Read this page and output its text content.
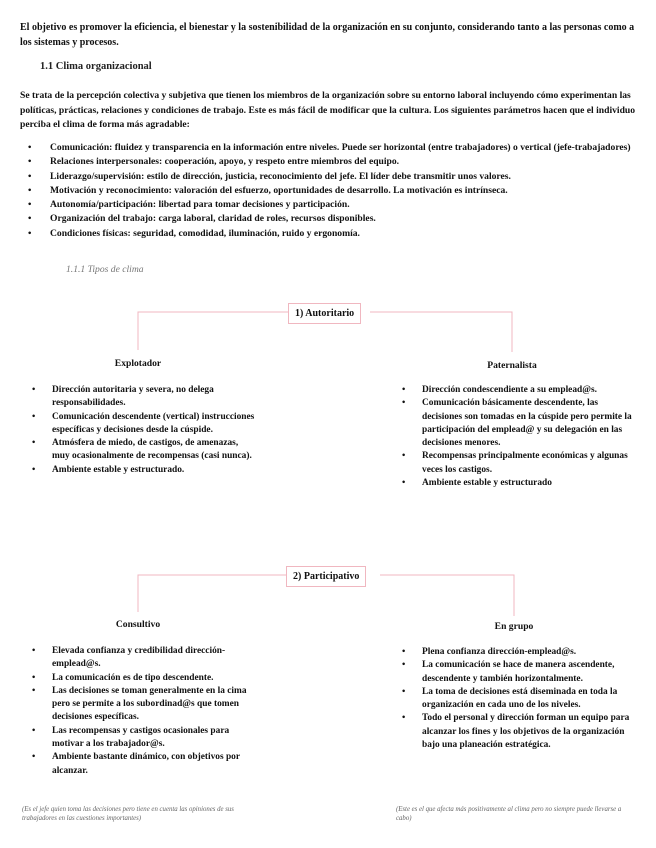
El objetivo es promover la eficiencia, el bienestar y la sostenibilidad de la organización en su conjunto, considerando tanto a las personas como a los sistemas y procesos.
1.1 Clima organizacional
Se trata de la percepción colectiva y subjetiva que tienen los miembros de la organización sobre su entorno laboral incluyendo cómo experimentan las políticas, prácticas, relaciones y condiciones de trabajo. Este es más fácil de modificar que la cultura. Los siguientes parámetros hacen que el individuo perciba el clima de forma más agradable:
• Comunicación: fluidez y transparencia en la información entre niveles. Puede ser horizontal (entre trabajadores) o vertical (jefe-trabajadores)
• Relaciones interpersonales: cooperación, apoyo, y respeto entre miembros del equipo.
• Liderazgo/supervisión: estilo de dirección, justicia, reconocimiento del jefe. El líder debe transmitir unos valores.
• Motivación y reconocimiento: valoración del esfuerzo, oportunidades de desarrollo. La motivación es intrínseca.
• Autonomía/participación: libertad para tomar decisiones y participación.
• Organización del trabajo: carga laboral, claridad de roles, recursos disponibles.
• Condiciones físicas: seguridad, comodidad, iluminación, ruido y ergonomía.
1.1.1 Tipos de clima
1) Autoritario
Explotador
• Dirección autoritaria y severa, no delega responsabilidades.
• Comunicación descendente (vertical) instrucciones específicas y decisiones desde la cúspide.
• Atmósfera de miedo, de castigos, de amenazas, muy ocasionalmente de recompensas (casi nunca).
• Ambiente estable y estructurado.
Paternalista
• Dirección condescendiente a su emplead@s.
• Comunicación básicamente descendente, las decisiones son tomadas en la cúspide pero permite la participación del emplead@ y su delegación en las decisiones menores.
• Recompensas principalmente económicas y algunas veces los castigos.
• Ambiente estable y estructurado
2) Participativo
Consultivo
• Elevada confianza y credibilidad dirección-emplead@s.
• La comunicación es de tipo descendente.
• Las decisiones se toman generalmente en la cima pero se permite a los subordinad@s que tomen decisiones específicas.
• Las recompensas y castigos ocasionales para motivar a los trabajador@s.
• Ambiente bastante dinámico, con objetivos por alcanzar.
(Es el jefe quien toma las decisiones pero tiene en cuenta las opiniones de sus trabajadores en las cuestiones importantes)
En grupo
• Plena confianza dirección-emplead@s.
• La comunicación se hace de manera ascendente, descendente y también horizontalmente.
• La toma de decisiones está diseminada en toda la organización en cada uno de los niveles.
• Todo el personal y dirección forman un equipo para alcanzar los fines y los objetivos de la organización bajo una planeación estratégica.
(Este es el que afecta más positivamente al clima pero no siempre puede llevarse a cabo)
